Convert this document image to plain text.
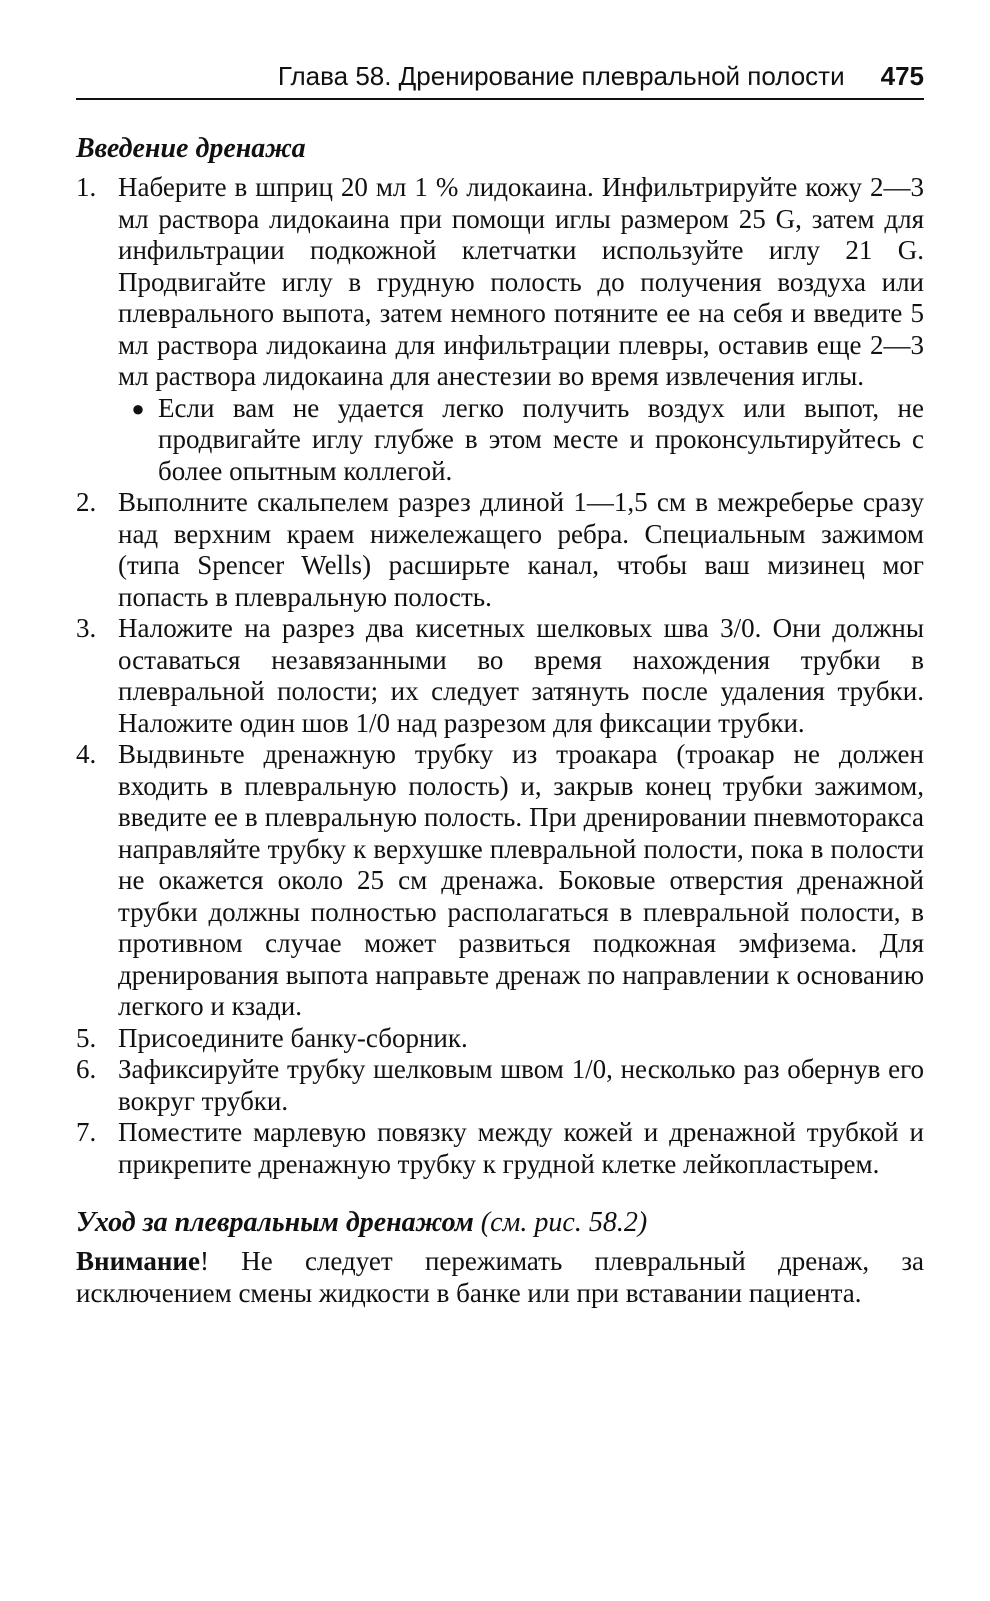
Глава 58. Дренирование плевральной полости 475
Введение дренажа
1. Наберите в шприц 20 мл 1 % лидокаина. Инфильтрируйте кожу 2—3 мл раствора лидокаина при помощи иглы размером 25 G, затем для инфильтрации подкожной клетчатки используйте иглу 21 G. Продвигайте иглу в грудную полость до получения воздуха или плеврального выпота, затем немного потяните ее на себя и введите 5 мл раствора лидокаина для инфильтрации плевры, оставив еще 2—3 мл раствора лидокаина для анестезии во время извлечения иглы.
● Если вам не удается легко получить воздух или выпот, не продвигайте иглу глубже в этом месте и проконсультируйтесь с более опытным коллегой.
2. Выполните скальпелем разрез длиной 1—1,5 см в межреберье сразу над верхним краем нижележащего ребра. Специальным зажимом (типа Spencer Wells) расширьте канал, чтобы ваш мизинец мог попасть в плевральную полость.
3. Наложите на разрез два кисетных шелковых шва 3/0. Они должны оставаться незавязанными во время нахождения трубки в плевральной полости; их следует затянуть после удаления трубки. Наложите один шов 1/0 над разрезом для фиксации трубки.
4. Выдвиньте дренажную трубку из троакара (троакар не должен входить в плевральную полость) и, закрыв конец трубки зажимом, введите ее в плевральную полость. При дренировании пневмоторакса направляйте трубку к верхушке плевральной полости, пока в полости не окажется около 25 см дренажа. Боковые отверстия дренажной трубки должны полностью располагаться в плевральной полости, в противном случае может развиться подкожная эмфизема. Для дренирования выпота направьте дренаж по направлении к основанию легкого и кзади.
5. Присоедините банку-сборник.
6. Зафиксируйте трубку шелковым швом 1/0, несколько раз обернув его вокруг трубки.
7. Поместите марлевую повязку между кожей и дренажной трубкой и прикрепите дренажную трубку к грудной клетке лейкопластырем.
Уход за плевральным дренажом (см. рис. 58.2)
Внимание! Не следует пережимать плевральный дренаж, за исключением смены жидкости в банке или при вставании пациента.
